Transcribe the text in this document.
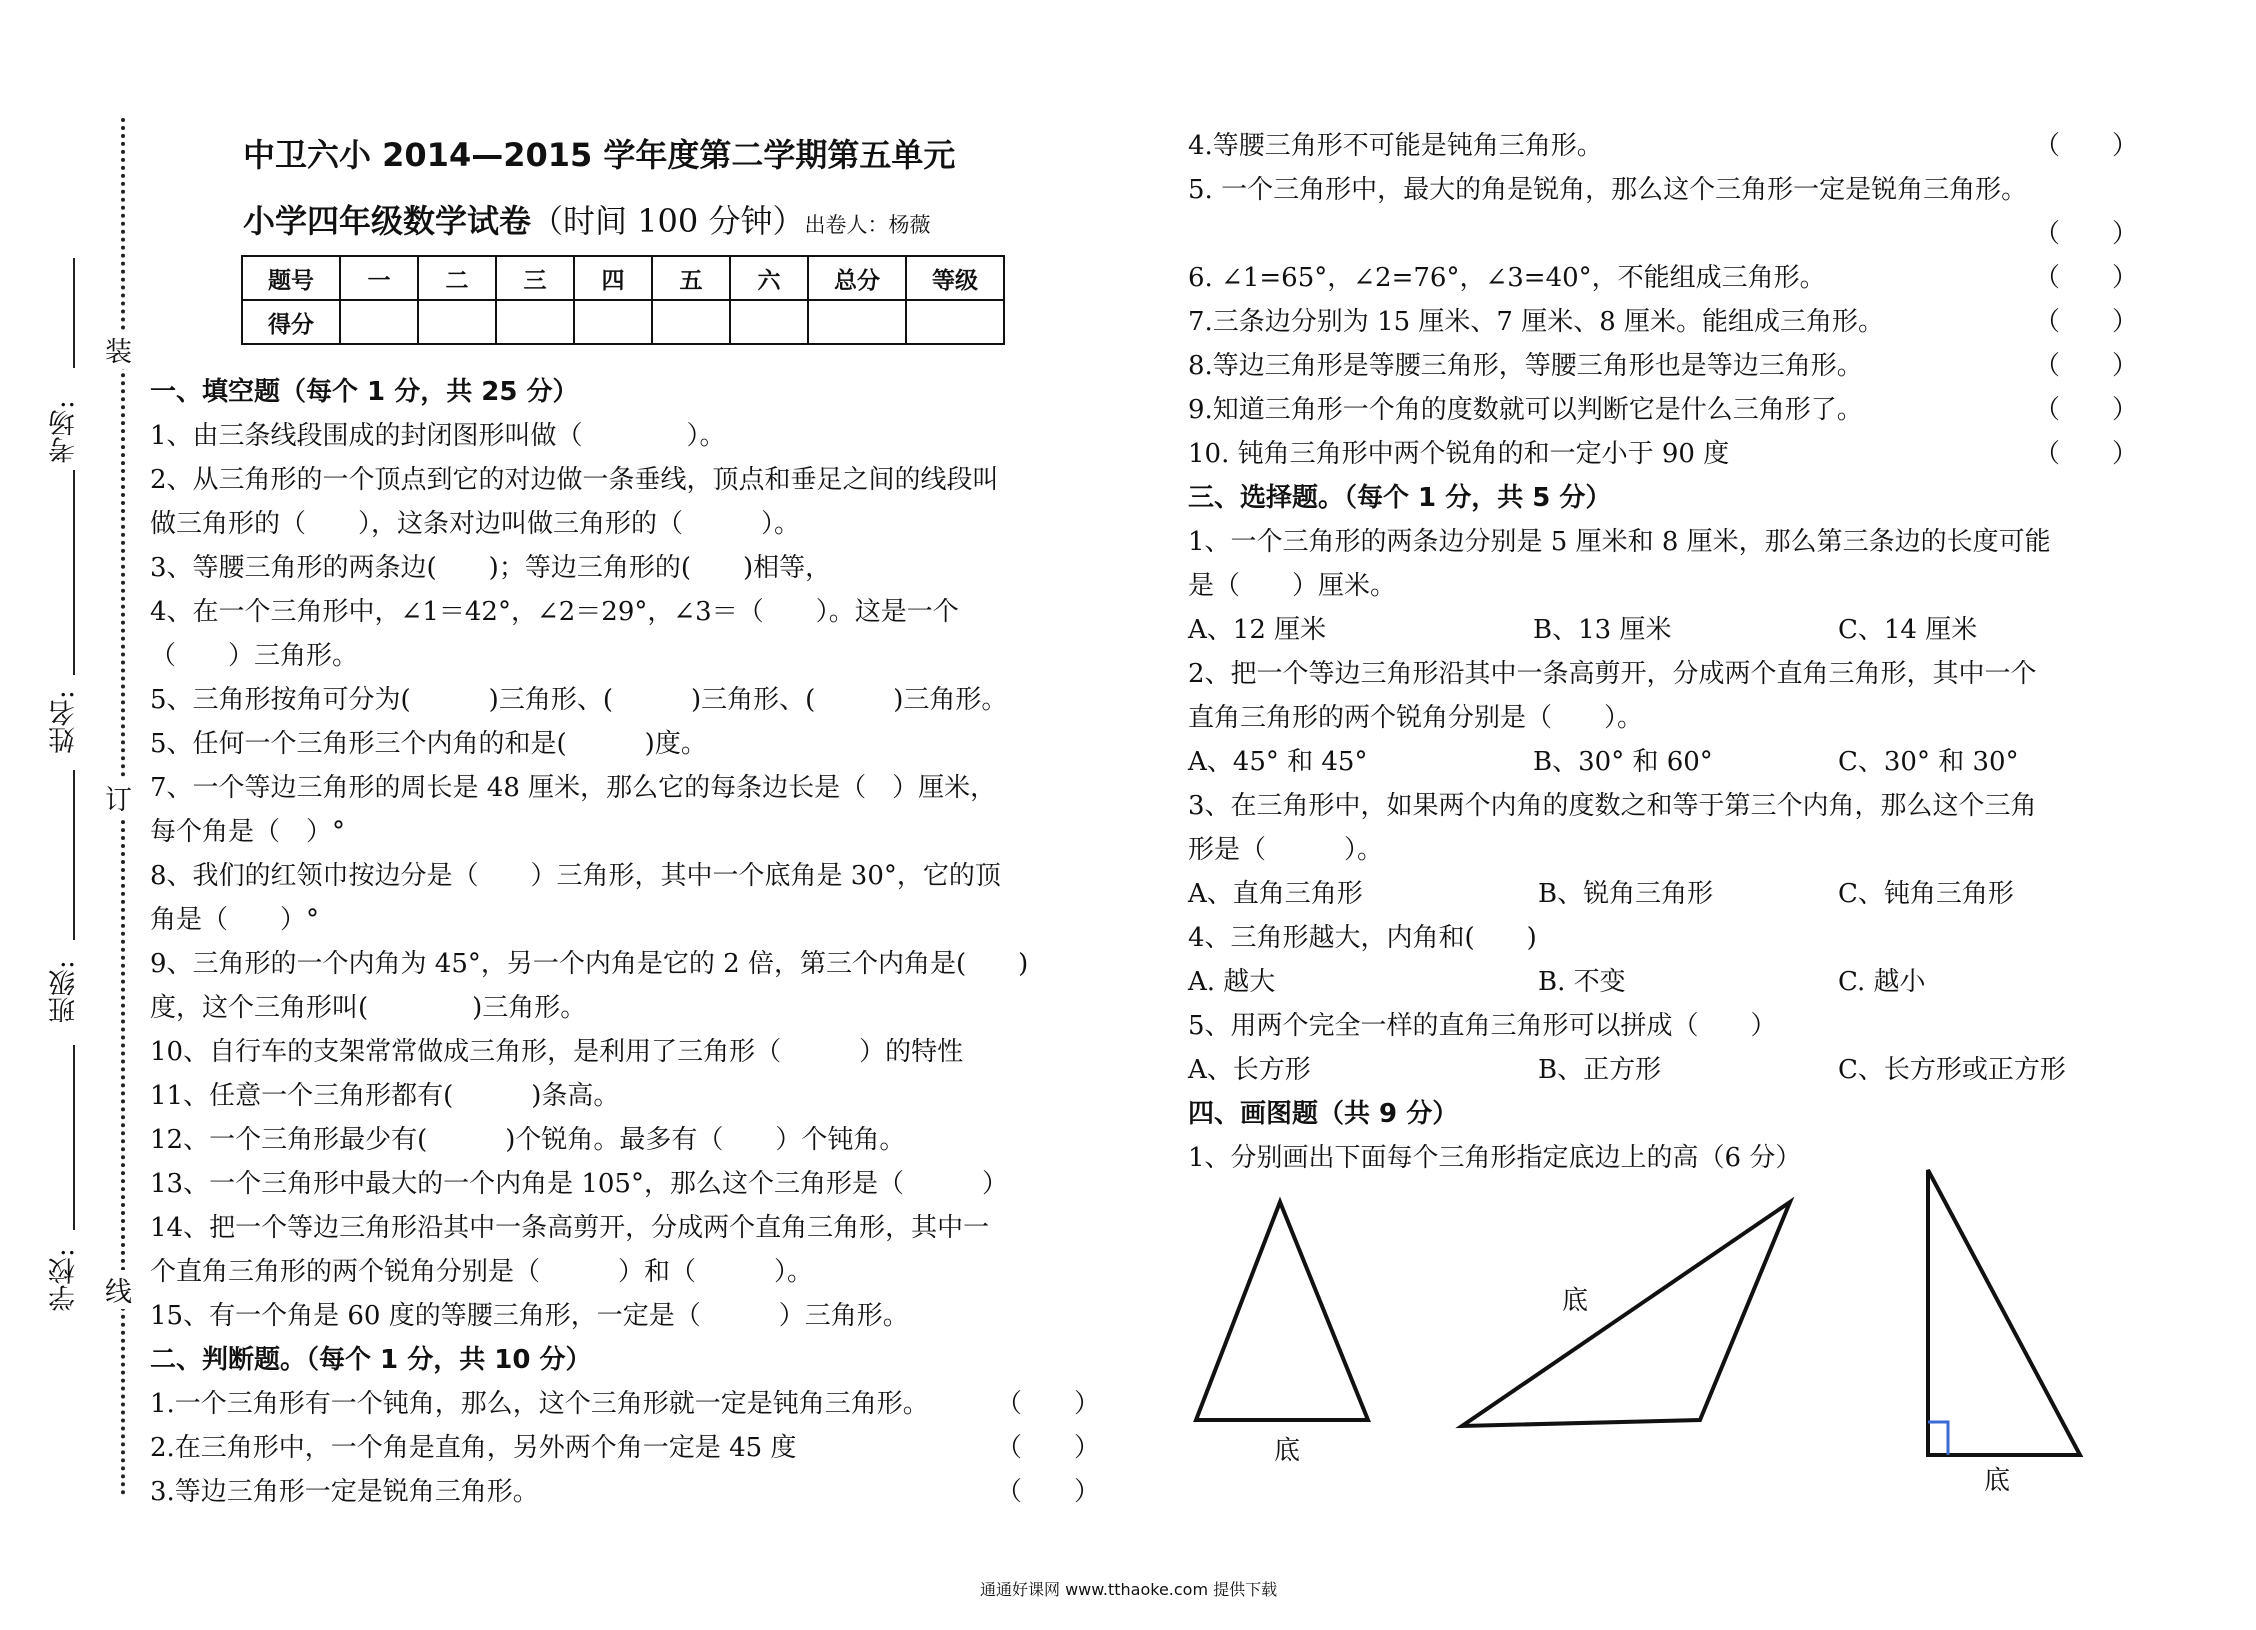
装
订
线
考场:
姓名:
班级:
学校:
中卫六小 2014—2015 学年度第二学期第五单元
小学四年级数学试卷（时间 100 分钟）出卷人：杨薇
题号	一	二	三	四	五	六	总分	等级
得分								
一、填空题（每个 1 分，共 25 分）
1、由三条线段围成的封闭图形叫做（　　　　）。
2、从三角形的一个顶点到它的对边做一条垂线，顶点和垂足之间的线段叫
做三角形的（　　），这条对边叫做三角形的（　　　）。
3、等腰三角形的两条边(　　)；等边三角形的(　　)相等，
4、在一个三角形中，∠1＝42°，∠2＝29°，∠3＝（　　）。这是一个
（　　）三角形。
5、三角形按角可分为(　　　)三角形、(　　　)三角形、(　　　)三角形。
5、任何一个三角形三个内角的和是(　　　)度。
7、一个等边三角形的周长是 48 厘米，那么它的每条边长是（　）厘米，
每个角是（　）°
8、我们的红领巾按边分是（　　）三角形，其中一个底角是 30°，它的顶
角是（　　）°
9、三角形的一个内角为 45°，另一个内角是它的 2 倍，第三个内角是(　　)
度，这个三角形叫(　　　　)三角形。
10、自行车的支架常常做成三角形，是利用了三角形（　　　）的特性
11、任意一个三角形都有(　　　)条高。
12、一个三角形最少有(　　　)个锐角。最多有（　　）个钝角。
13、一个三角形中最大的一个内角是 105°，那么这个三角形是（　　　）
14、把一个等边三角形沿其中一条高剪开，分成两个直角三角形，其中一
个直角三角形的两个锐角分别是（　　　）和（　　　）。
15、有一个角是 60 度的等腰三角形，一定是（　　　）三角形。
二、判断题。（每个 1 分，共 10 分）
1.一个三角形有一个钝角，那么，这个三角形就一定是钝角三角形。	（　　）
2.在三角形中，一个角是直角，另外两个角一定是 45 度	（　　）
3.等边三角形一定是锐角三角形。	（　　）
4.等腰三角形不可能是钝角三角形。	（　　）
5. 一个三角形中，最大的角是锐角，那么这个三角形一定是锐角三角形。
（　　）
6. ∠1=65°，∠2=76°，∠3=40°，不能组成三角形。	（　　）
7.三条边分别为 15 厘米、7 厘米、8 厘米。能组成三角形。	（　　）
8.等边三角形是等腰三角形，等腰三角形也是等边三角形。	（　　）
9.知道三角形一个角的度数就可以判断它是什么三角形了。	（　　）
10. 钝角三角形中两个锐角的和一定小于 90 度	（　　）
三、选择题。（每个 1 分，共 5 分）
1、一个三角形的两条边分别是 5 厘米和 8 厘米，那么第三条边的长度可能
是（　　）厘米。
A、12 厘米	B、13 厘米	C、14 厘米
2、把一个等边三角形沿其中一条高剪开，分成两个直角三角形，其中一个
直角三角形的两个锐角分别是（　　）。
A、45° 和 45°	B、30° 和 60°	C、30° 和 30°
3、在三角形中，如果两个内角的度数之和等于第三个内角，那么这个三角
形是（　　　）。
A、直角三角形	B、锐角三角形	C、钝角三角形
4、三角形越大，内角和(　　)
A. 越大	B. 不变	C. 越小
5、用两个完全一样的直角三角形可以拼成（　　）
A、长方形	B、正方形	C、长方形或正方形
四、画图题（共 9 分）
1、分别画出下面每个三角形指定底边上的高（6 分）
底
底
底
通通好课网 www.tthaoke.com 提供下载
